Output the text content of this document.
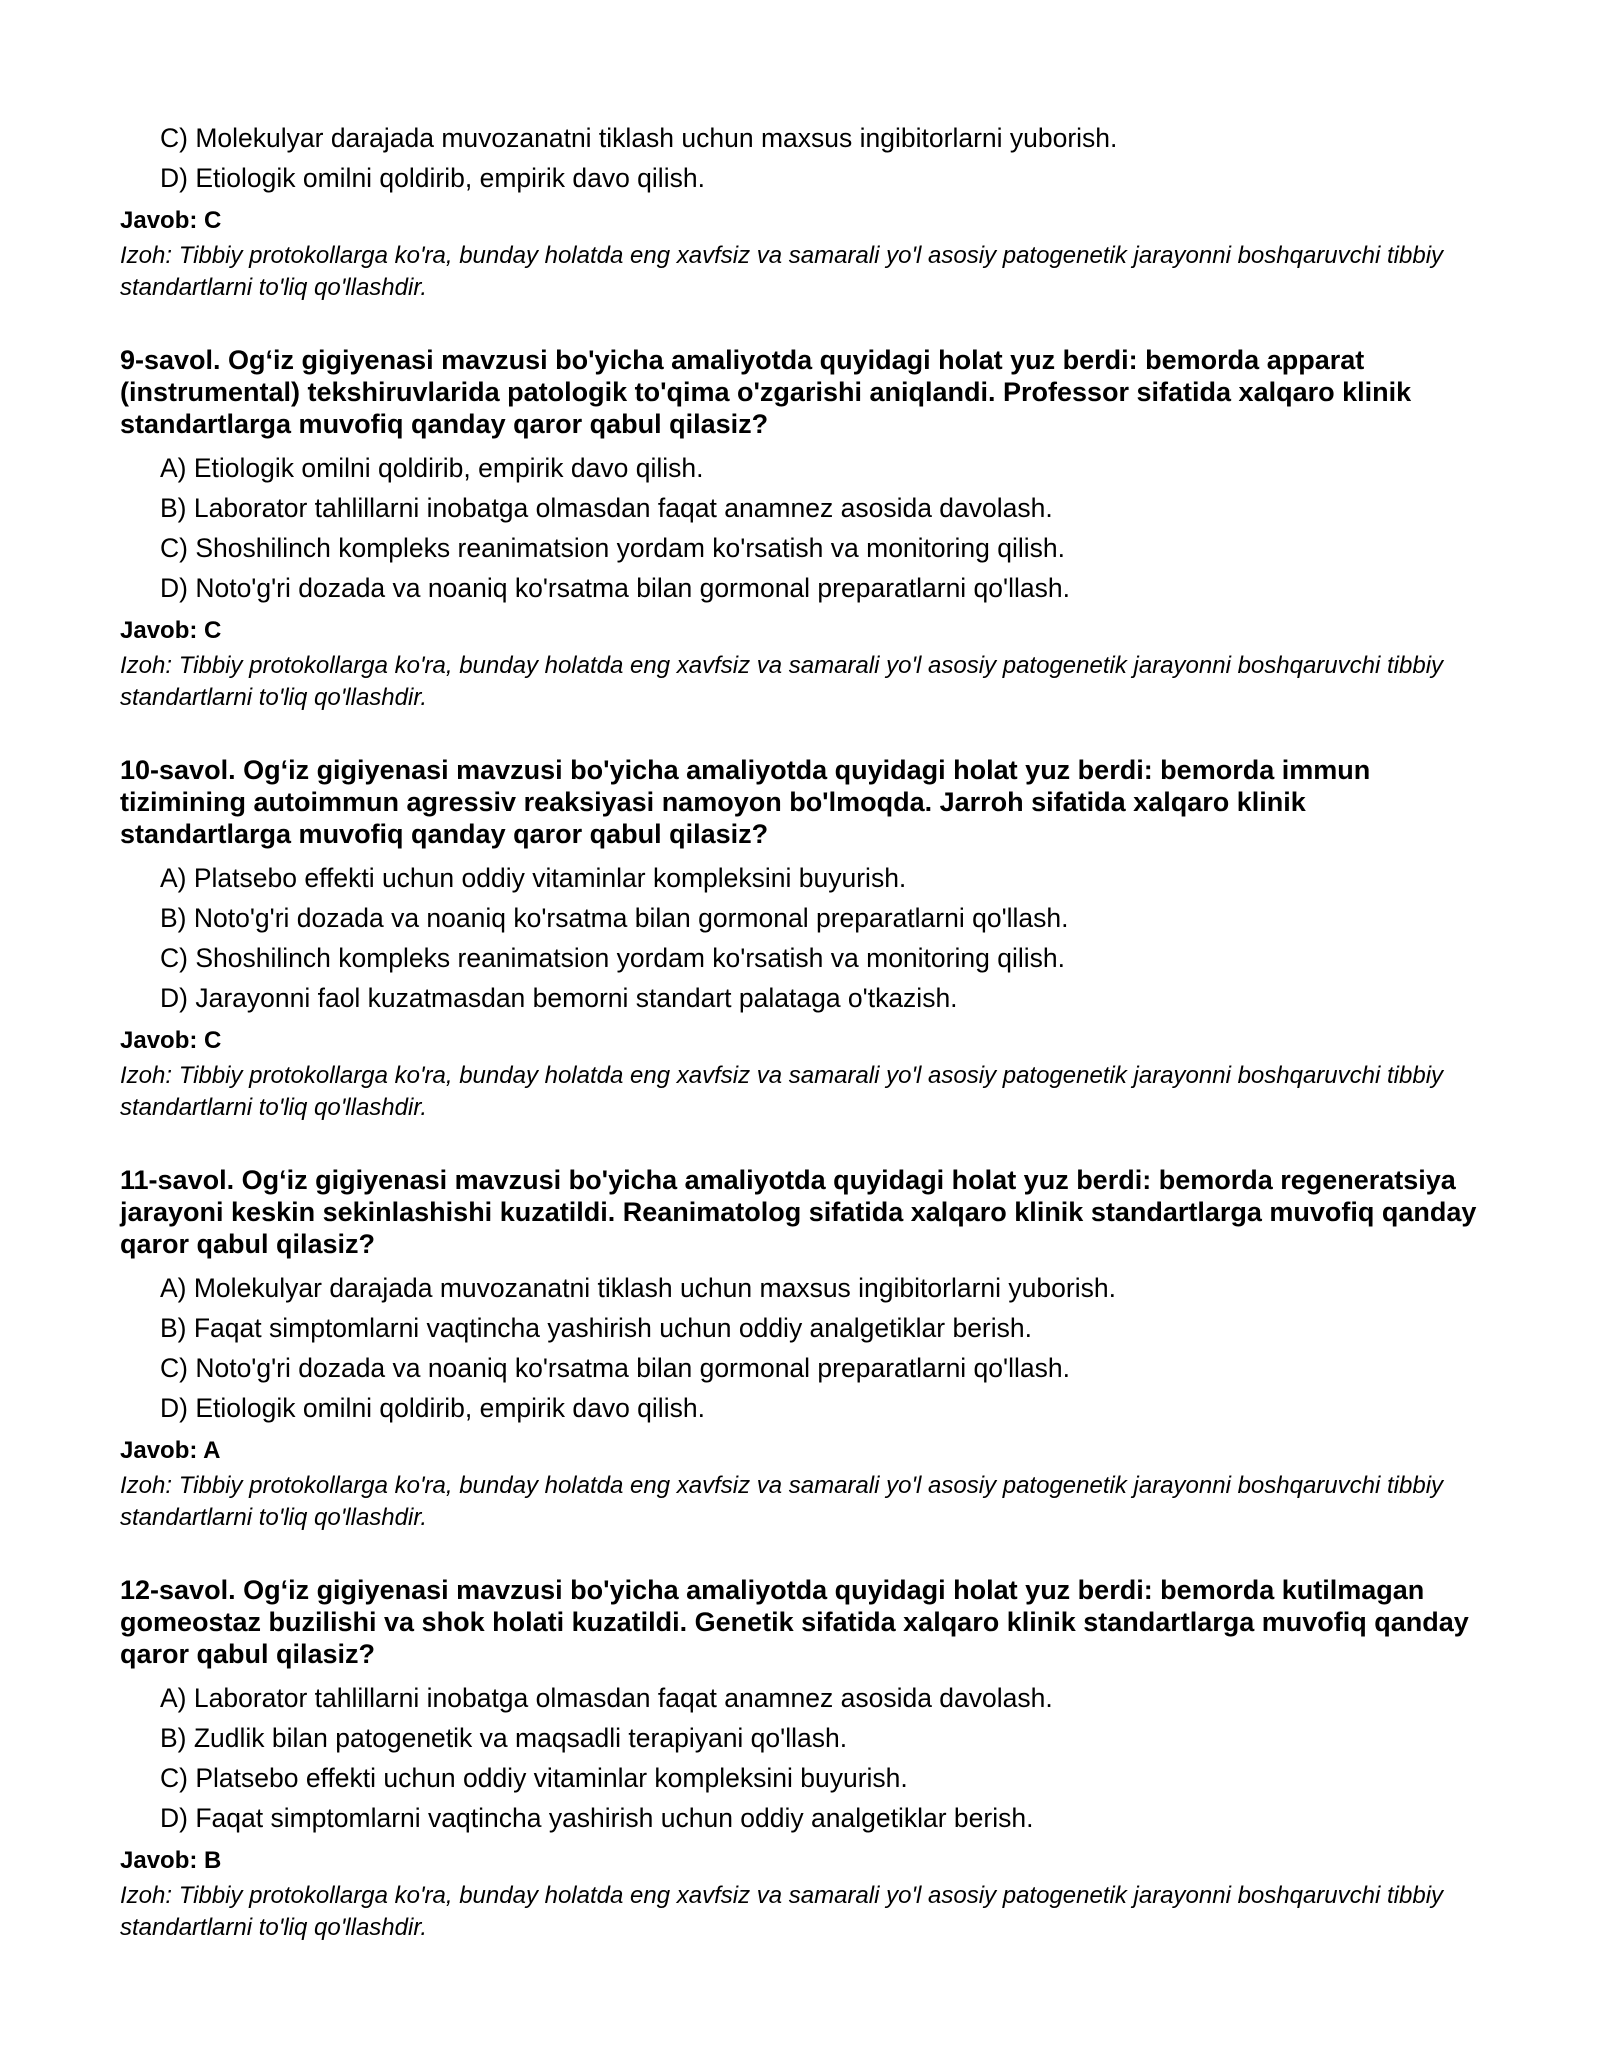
C) Molekulyar darajada muvozanatni tiklash uchun maxsus ingibitorlarni yuborish.
D) Etiologik omilni qoldirib, empirik davo qilish.
Javob: C
Izoh: Tibbiy protokollarga ko'ra, bunday holatda eng xavfsiz va samarali yo'l asosiy patogenetik jarayonni boshqaruvchi tibbiy standartlarni to'liq qo'llashdir.
9-savol. Og‘iz gigiyenasi mavzusi bo'yicha amaliyotda quyidagi holat yuz berdi: bemorda apparat (instrumental) tekshiruvlarida patologik to'qima o'zgarishi aniqlandi. Professor sifatida xalqaro klinik standartlarga muvofiq qanday qaror qabul qilasiz?
A) Etiologik omilni qoldirib, empirik davo qilish.
B) Laborator tahlillarni inobatga olmasdan faqat anamnez asosida davolash.
C) Shoshilinch kompleks reanimatsion yordam ko'rsatish va monitoring qilish.
D) Noto'g'ri dozada va noaniq ko'rsatma bilan gormonal preparatlarni qo'llash.
Javob: C
Izoh: Tibbiy protokollarga ko'ra, bunday holatda eng xavfsiz va samarali yo'l asosiy patogenetik jarayonni boshqaruvchi tibbiy standartlarni to'liq qo'llashdir.
10-savol. Og‘iz gigiyenasi mavzusi bo'yicha amaliyotda quyidagi holat yuz berdi: bemorda immun tizimining autoimmun agressiv reaksiyasi namoyon bo'lmoqda. Jarroh sifatida xalqaro klinik standartlarga muvofiq qanday qaror qabul qilasiz?
A) Platsebo effekti uchun oddiy vitaminlar kompleksini buyurish.
B) Noto'g'ri dozada va noaniq ko'rsatma bilan gormonal preparatlarni qo'llash.
C) Shoshilinch kompleks reanimatsion yordam ko'rsatish va monitoring qilish.
D) Jarayonni faol kuzatmasdan bemorni standart palataga o'tkazish.
Javob: C
Izoh: Tibbiy protokollarga ko'ra, bunday holatda eng xavfsiz va samarali yo'l asosiy patogenetik jarayonni boshqaruvchi tibbiy standartlarni to'liq qo'llashdir.
11-savol. Og‘iz gigiyenasi mavzusi bo'yicha amaliyotda quyidagi holat yuz berdi: bemorda regeneratsiya jarayoni keskin sekinlashishi kuzatildi. Reanimatolog sifatida xalqaro klinik standartlarga muvofiq qanday qaror qabul qilasiz?
A) Molekulyar darajada muvozanatni tiklash uchun maxsus ingibitorlarni yuborish.
B) Faqat simptomlarni vaqtincha yashirish uchun oddiy analgetiklar berish.
C) Noto'g'ri dozada va noaniq ko'rsatma bilan gormonal preparatlarni qo'llash.
D) Etiologik omilni qoldirib, empirik davo qilish.
Javob: A
Izoh: Tibbiy protokollarga ko'ra, bunday holatda eng xavfsiz va samarali yo'l asosiy patogenetik jarayonni boshqaruvchi tibbiy standartlarni to'liq qo'llashdir.
12-savol. Og‘iz gigiyenasi mavzusi bo'yicha amaliyotda quyidagi holat yuz berdi: bemorda kutilmagan gomeostaz buzilishi va shok holati kuzatildi. Genetik sifatida xalqaro klinik standartlarga muvofiq qanday qaror qabul qilasiz?
A) Laborator tahlillarni inobatga olmasdan faqat anamnez asosida davolash.
B) Zudlik bilan patogenetik va maqsadli terapiyani qo'llash.
C) Platsebo effekti uchun oddiy vitaminlar kompleksini buyurish.
D) Faqat simptomlarni vaqtincha yashirish uchun oddiy analgetiklar berish.
Javob: B
Izoh: Tibbiy protokollarga ko'ra, bunday holatda eng xavfsiz va samarali yo'l asosiy patogenetik jarayonni boshqaruvchi tibbiy standartlarni to'liq qo'llashdir.
